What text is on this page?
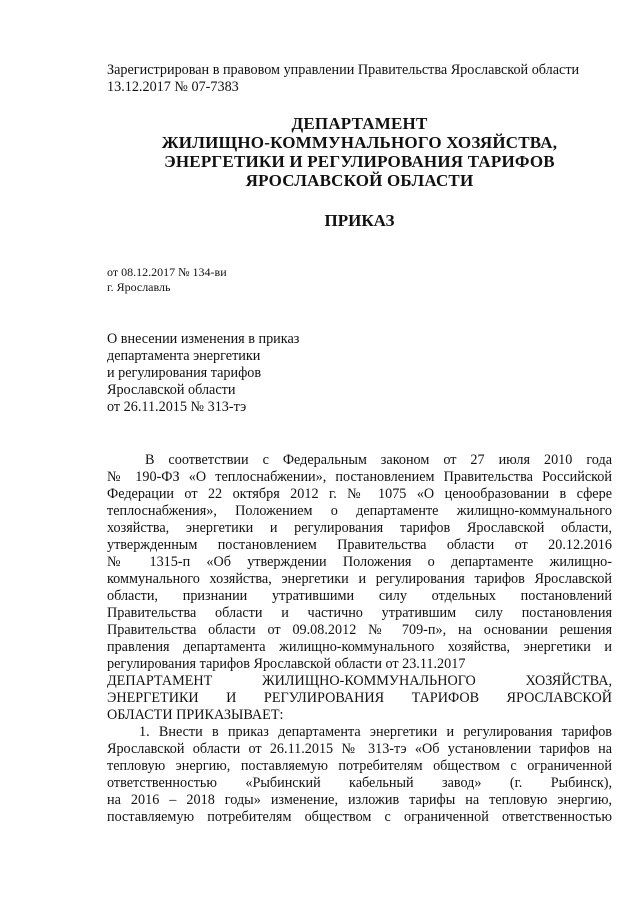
Зарегистрирован в правовом управлении Правительства Ярославской области
13.12.2017 № 07-7383
ДЕПАРТАМЕНТ
ЖИЛИЩНО-КОММУНАЛЬНОГО ХОЗЯЙСТВА,
ЭНЕРГЕТИКИ И РЕГУЛИРОВАНИЯ ТАРИФОВ
ЯРОСЛАВСКОЙ ОБЛАСТИ
ПРИКАЗ
от 08.12.2017 № 134-ви
г. Ярославль
О внесении изменения в приказ
департамента энергетики
и регулирования тарифов
Ярославской области
от 26.11.2015 № 313-тэ
В соответствии с Федеральным законом от 27 июля 2010 года
№ 190-ФЗ «О теплоснабжении», постановлением Правительства Российской
Федерации от 22 октября 2012 г. № 1075 «О ценообразовании в сфере
теплоснабжения», Положением о департаменте жилищно-коммунального
хозяйства, энергетики и регулирования тарифов Ярославской области,
утвержденным постановлением Правительства области от 20.12.2016
№ 1315-п «Об утверждении Положения о департаменте жилищно-
коммунального хозяйства, энергетики и регулирования тарифов Ярославской
области, признании утратившими силу отдельных постановлений
Правительства области и частично утратившим силу постановления
Правительства области от 09.08.2012 № 709-п», на основании решения
правления департамента жилищно-коммунального хозяйства, энергетики и
регулирования тарифов Ярославской области от 23.11.2017
ДЕПАРТАМЕНТ ЖИЛИЩНО-КОММУНАЛЬНОГО ХОЗЯЙСТВА,
ЭНЕРГЕТИКИ И РЕГУЛИРОВАНИЯ ТАРИФОВ ЯРОСЛАВСКОЙ
ОБЛАСТИ ПРИКАЗЫВАЕТ:
1. Внести в приказ департамента энергетики и регулирования тарифов
Ярославской области от 26.11.2015 № 313-тэ «Об установлении тарифов на
тепловую энергию, поставляемую потребителям обществом с ограниченной
ответственностью «Рыбинский кабельный завод» (г. Рыбинск),
на 2016 – 2018 годы» изменение, изложив тарифы на тепловую энергию,
поставляемую потребителям обществом с ограниченной ответственностью
